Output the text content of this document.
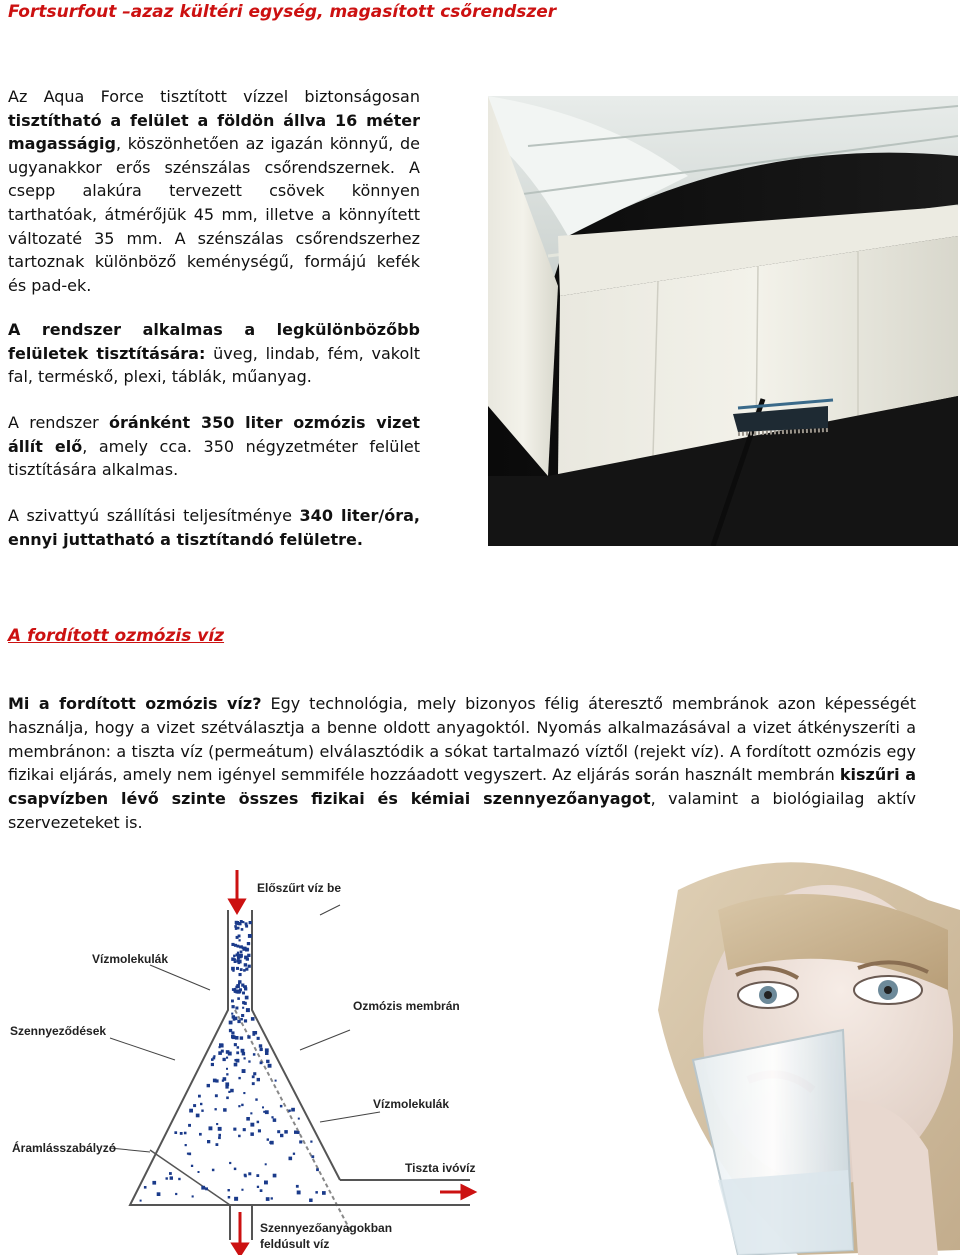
Fortsurfout –azaz kültéri egység, magasított csőrendszer
Az Aqua Force tisztított vízzel biztonságosan tisztítható a felület a földön állva 16 méter magasságig, köszönhetően az igazán könnyű, de ugyanakkor erős szénszálas csőrendszernek. A csepp alakúra tervezett csövek könnyen tarthatóak, átmérőjük 45 mm, illetve a könnyített változaté 35 mm. A szénszálas csőrendszerhez tartoznak különböző keménységű, formájú kefék és pad-ek.
A rendszer alkalmas a legkülönbözőbb felületek tisztítására: üveg, lindab, fém, vakolt fal, terméskő, plexi, táblák, műanyag.
A rendszer óránként 350 liter ozmózis vizet állít elő, amely cca. 350 négyzetméter felület tisztítására alkalmas.
A szivattyú szállítási teljesítménye 340 liter/óra, ennyi juttatható a tisztítandó felületre.
A fordított ozmózis víz
Mi a fordított ozmózis víz? Egy technológia, mely bizonyos félig áteresztő membránok azon képességét használja, hogy a vizet szétválasztja a benne oldott anyagoktól. Nyomás alkalmazásával a vizet átkényszeríti a membránon: a tiszta víz (permeátum) elválasztódik a sókat tartalmazó víztől (rejekt víz). A fordított ozmózis egy fizikai eljárás, amely nem igényel semmiféle hozzáadott vegyszert. Az eljárás során használt membrán kiszűri a csapvízben lévő szinte összes fizikai és kémiai szennyezőanyagot, valamint a biológiailag aktív szervezeteket is.
Előszűrt víz be
Vízmolekulák
Ozmózis membrán
Szennyeződések
Vízmolekulák
Áramlásszabályzó
Tiszta ivóvíz
Szennyezőanyagokban
feldúsult víz
